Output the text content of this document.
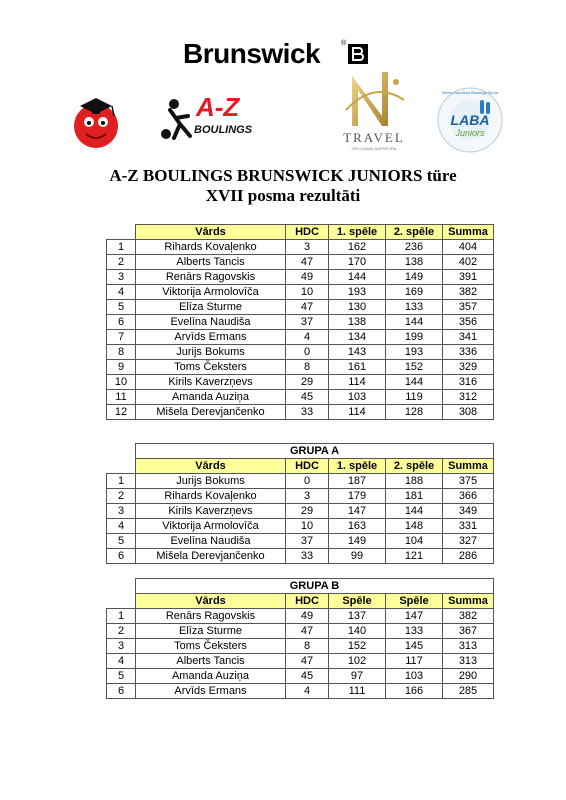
Brunswick	®
A-Z
BOULINGS	TRAVEL
CELOJUMU AGENTURA
Bērnu-Jauniešu Boulinga Skola
LABA
Juniors
A-Z BOULINGS BRUNSWICK JUNIORS türe
XVII posma rezultāti
	Vārds	HDC	1. spēle	2. spēle	Summa
1	Rihards Kovaļenko	3	162	236	404
2	Alberts Tancis	47	170	138	402
3	Renārs Ragovskis	49	144	149	391
4	Viktorija Armolovīča	10	193	169	382
5	Elīza Sturme	47	130	133	357
6	Evelīna Naudiša	37	138	144	356
7	Arvīds Ermans	4	134	199	341
8	Jurijs Bokums	0	143	193	336
9	Toms Čeksters	8	161	152	329
10	Kirils Kaverzņevs	29	114	144	316
11	Amanda Auziņa	45	103	119	312
12	Mišela Derevjančenko	33	114	128	308
	GRUPA A				
	Vārds	HDC	1. spēle	2. spēle	Summa
1	Jurijs Bokums	0	187	188	375
2	Rihards Kovaļenko	3	179	181	366
3	Kirils Kaverzņevs	29	147	144	349
4	Viktorija Armolovīča	10	163	148	331
5	Evelīna Naudiša	37	149	104	327
6	Mišela Derevjančenko	33	99	121	286
	GRUPA B				
	Vārds	HDC	Spēle	Spēle	Summa
1	Renārs Ragovskis	49	137	147	382
2	Elīza Sturme	47	140	133	367
3	Toms Čeksters	8	152	145	313
4	Alberts Tancis	47	102	117	313
5	Amanda Auziņa	45	97	103	290
6	Arvīds Ermans	4	111	166	285
